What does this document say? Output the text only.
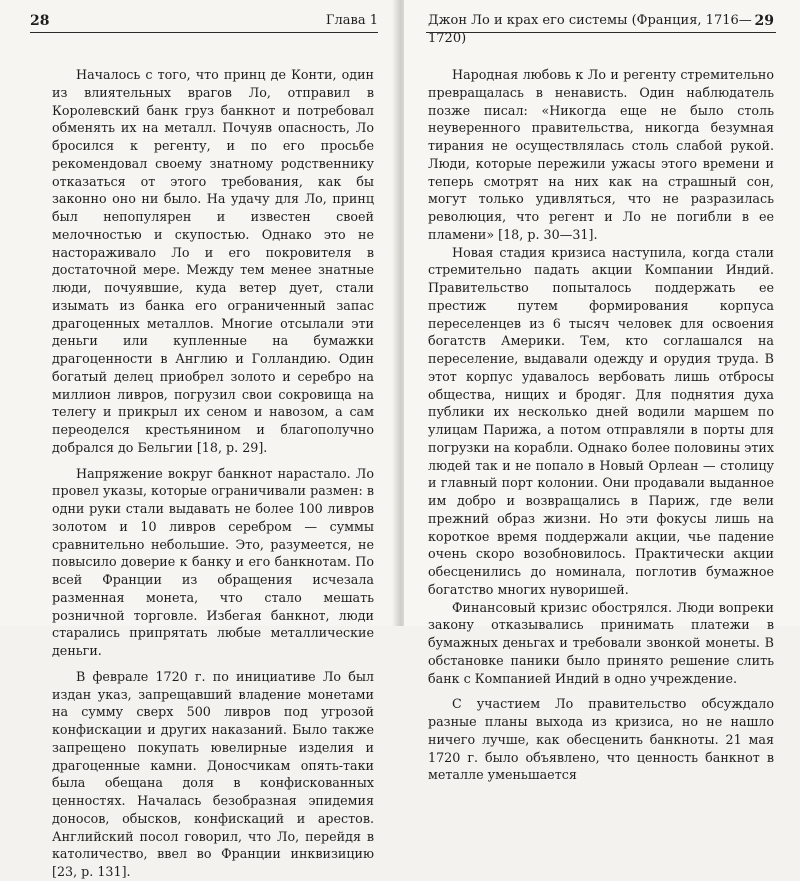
28	Глава 1

Началось с того, что принц де Конти, один из влиятельных врагов Ло, отправил в Королевский банк груз банкнот и потребовал обменять их на металл. Почуяв опасность, Ло бросился к регенту, и по его просьбе рекомендовал своему знатному родственнику отказаться от этого требования, как бы законно оно ни было. На удачу для Ло, принц был непопулярен и известен своей мелочностью и скупостью. Однако это не настораживало Ло и его покровителя в достаточной мере. Между тем менее знатные люди, почуявшие, куда ветер дует, стали изымать из банка его ограниченный запас драгоценных металлов. Многие отсылали эти деньги или купленные на бумажки драгоценности в Англию и Голландию. Один богатый делец приобрел золото и серебро на миллион ливров, погрузил свои сокровища на телегу и прикрыл их сеном и навозом, а сам переоделся крестьянином и благополучно добрался до Бельгии [18, р. 29].

Напряжение вокруг банкнот нарастало. Ло провел указы, которые ограничивали размен: в одни руки стали выдавать не более 100 ливров золотом и 10 ливров серебром — суммы сравнительно небольшие. Это, разумеется, не повысило доверие к банку и его банкнотам. По всей Франции из обращения исчезала разменная монета, что стало мешать розничной торговле. Избегая банкнот, люди старались припрятать любые металлические деньги.

В феврале 1720 г. по инициативе Ло был издан указ, запрещавший владение монетами на сумму сверх 500 ливров под угрозой конфискации и других наказаний. Было также запрещено покупать ювелирные изделия и драгоценные камни. Доносчикам опять-таки была обещана доля в конфискованных ценностях. Началась безобразная эпидемия доносов, обысков, конфискаций и арестов. Английский посол говорил, что Ло, перейдя в католичество, ввел во Франции инквизицию [23, р. 131].

Джон Ло и крах его системы (Франция, 1716—1720)
29

Народная любовь к Ло и регенту стремительно превращалась в ненависть. Один наблюдатель позже писал: «Никогда еще не было столь неуверенного правительства, никогда безумная тирания не осуществлялась столь слабой рукой. Люди, которые пережили ужасы этого времени и теперь смотрят на них как на страшный сон, могут только удивляться, что не разразилась революция, что регент и Ло не погибли в ее пламени» [18, р. 30—31].

Новая стадия кризиса наступила, когда стали стремительно падать акции Компании Индий. Правительство попыталось поддержать ее престиж путем формирования корпуса переселенцев из 6 тысяч человек для освоения богатств Америки. Тем, кто соглашался на переселение, выдавали одежду и орудия труда. В этот корпус удавалось вербовать лишь отбросы общества, нищих и бродяг. Для поднятия духа публики их несколько дней водили маршем по улицам Парижа, а потом отправляли в порты для погрузки на корабли. Однако более половины этих людей так и не попало в Новый Орлеан — столицу и главный порт колонии. Они продавали выданное им добро и возвращались в Париж, где вели прежний образ жизни. Но эти фокусы лишь на короткое время поддержали акции, чье падение очень скоро возобновилось. Практически акции обесценились до номинала, поглотив бумажное богатство многих нуворишей.

Финансовый кризис обострялся. Люди вопреки закону отказывались принимать платежи в бумажных деньгах и требовали звонкой монеты. В обстановке паники было принято решение слить банк с Компанией Индий в одно учреждение.

С участием Ло правительство обсуждало разные планы выхода из кризиса, но не нашло ничего лучше, как обесценить банкноты. 21 мая 1720 г. было объявлено, что ценность банкнот в металле уменьшается
